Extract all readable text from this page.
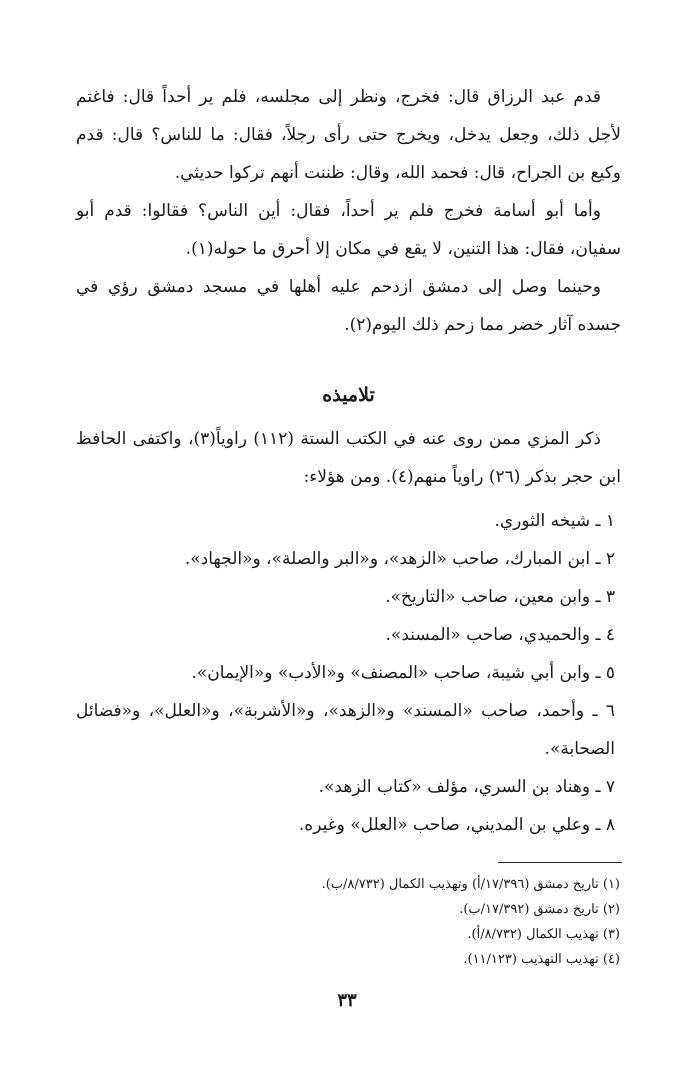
قدم عبد الرزاق قال: فخرج، ونظر إلى مجلسه، فلم ير أحداً قال: فاغتم لأجل ذلك، وجعل يدخل، ويخرج حتى رأى رجلاً، فقال: ما للناس؟ قال: قدم وكيع بن الجراح، قال: فحمد الله، وقال: ظننت أنهم تركوا حديثي.

وأما أبو أسامة فخرج فلم ير أحداً، فقال: أين الناس؟ فقالوا: قدم أبو سفيان، فقال: هذا التنين، لا يقع في مكان إلا أحرق ما حوله(١).

وحينما وصل إلى دمشق ازدحم عليه أهلها في مسجد دمشق رؤي في جسده آثار خضر مما زحم ذلك اليوم(٢).

تلاميذه

ذكر المزي ممن روى عنه في الكتب الستة (١١٢) راوياً(٣)، واكتفى الحافظ ابن حجر بذكر (٢٦) راوياً منهم(٤). ومن هؤلاء:

١ ـ شيخه الثوري.
٢ ـ ابن المبارك، صاحب «الزهد»، و«البر والصلة»، و«الجهاد».
٣ ـ وابن معين، صاحب «التاريخ».
٤ ـ والحميدي، صاحب «المسند».
٥ ـ وابن أبي شيبة، صاحب «المصنف» و«الأدب» و«الإيمان».
٦ ـ وأحمد، صاحب «المسند» و«الزهد»، و«الأشربة»، و«العلل»، و«فضائل الصحابة».
٧ ـ وهناد بن السري، مؤلف «كتاب الزهد».
٨ ـ وعلي بن المديني، صاحب «العلل» وغيره.
(١) تاريخ دمشق (١٧/٣٩٦/أ) وتهذيب الكمال (٨/٧٣٢/ب).
(٢) تاريخ دمشق (١٧/٣٩٢/ب).
(٣) تهذيب الكمال (٨/٧٣٢/أ).
(٤) تهذيب التهذيب (١١/١٢٣).
٣٣
